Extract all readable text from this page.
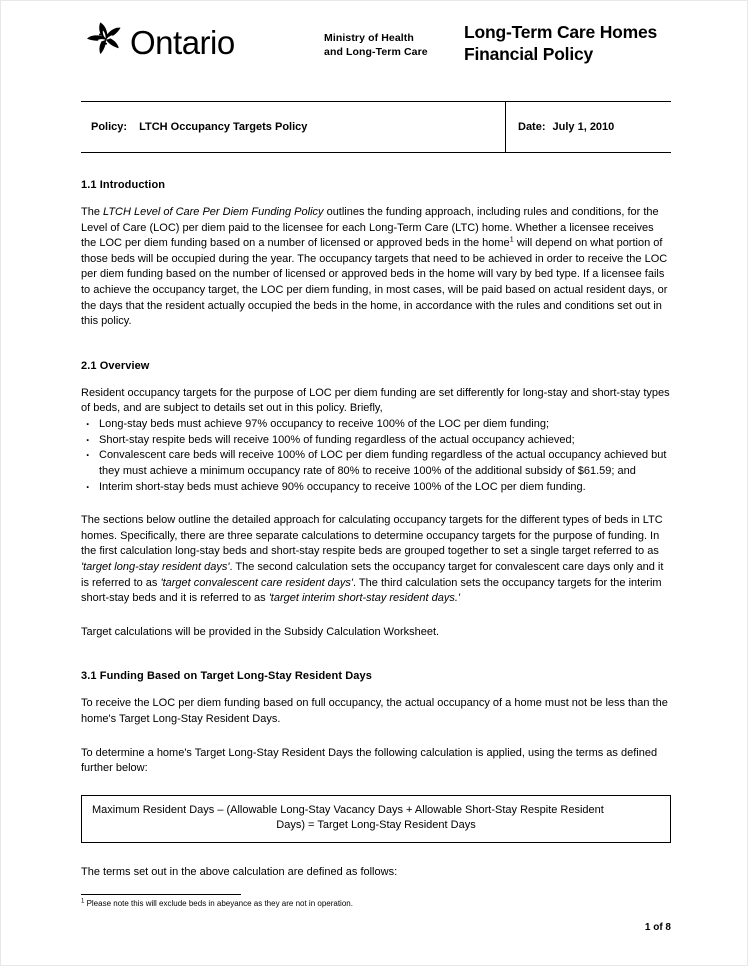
Ontario	Ministry of Health
and Long-Term Care
Long-Term Care Homes
Financial Policy
Policy: LTCH Occupancy Targets Policy	Date: July 1, 2010
1.1 Introduction

The LTCH Level of Care Per Diem Funding Policy outlines the funding approach, including rules and conditions, for the Level of Care (LOC) per diem paid to the licensee for each Long-Term Care (LTC) home. Whether a licensee receives the LOC per diem funding based on a number of licensed or approved beds in the home$^1$ will depend on what portion of those beds will be occupied during the year. The occupancy targets that need to be achieved in order to receive the LOC per diem funding based on the number of licensed or approved beds in the home will vary by bed type. If a licensee fails to achieve the occupancy target, the LOC per diem funding, in most cases, will be paid based on actual resident days, or the days that the resident actually occupied the beds in the home, in accordance with the rules and conditions set out in this policy.

2.1 Overview

Resident occupancy targets for the purpose of LOC per diem funding are set differently for long-stay and short-stay types of beds, and are subject to details set out in this policy. Briefly,

· Long-stay beds must achieve 97% occupancy to receive 100% of the LOC per diem funding;
· Short-stay respite beds will receive 100% of funding regardless of the actual occupancy achieved;
· Convalescent care beds will receive 100% of LOC per diem funding regardless of the actual occupancy achieved but they must achieve a minimum occupancy rate of 80% to receive 100% of the additional subsidy of $61.59; and
· Interim short-stay beds must achieve 90% occupancy to receive 100% of the LOC per diem funding.

The sections below outline the detailed approach for calculating occupancy targets for the different types of beds in LTC homes. Specifically, there are three separate calculations to determine occupancy targets for the purpose of funding. In the first calculation long-stay beds and short-stay respite beds are grouped together to set a single target referred to as 'target long-stay resident days'. The second calculation sets the occupancy target for convalescent care days only and it is referred to as 'target convalescent care resident days'. The third calculation sets the occupancy targets for the interim short-stay beds and it is referred to as 'target interim short-stay resident days.'

Target calculations will be provided in the Subsidy Calculation Worksheet.

3.1 Funding Based on Target Long-Stay Resident Days

To receive the LOC per diem funding based on full occupancy, the actual occupancy of a home must not be less than the home's Target Long-Stay Resident Days.

To determine a home's Target Long-Stay Resident Days the following calculation is applied, using the terms as defined further below:

Maximum Resident Days – (Allowable Long-Stay Vacancy Days + Allowable Short-Stay Respite Resident
Days) = Target Long-Stay Resident Days

The terms set out in the above calculation are defined as follows:

$^1$ Please note this will exclude beds in abeyance as they are not in operation.
1 of 8
